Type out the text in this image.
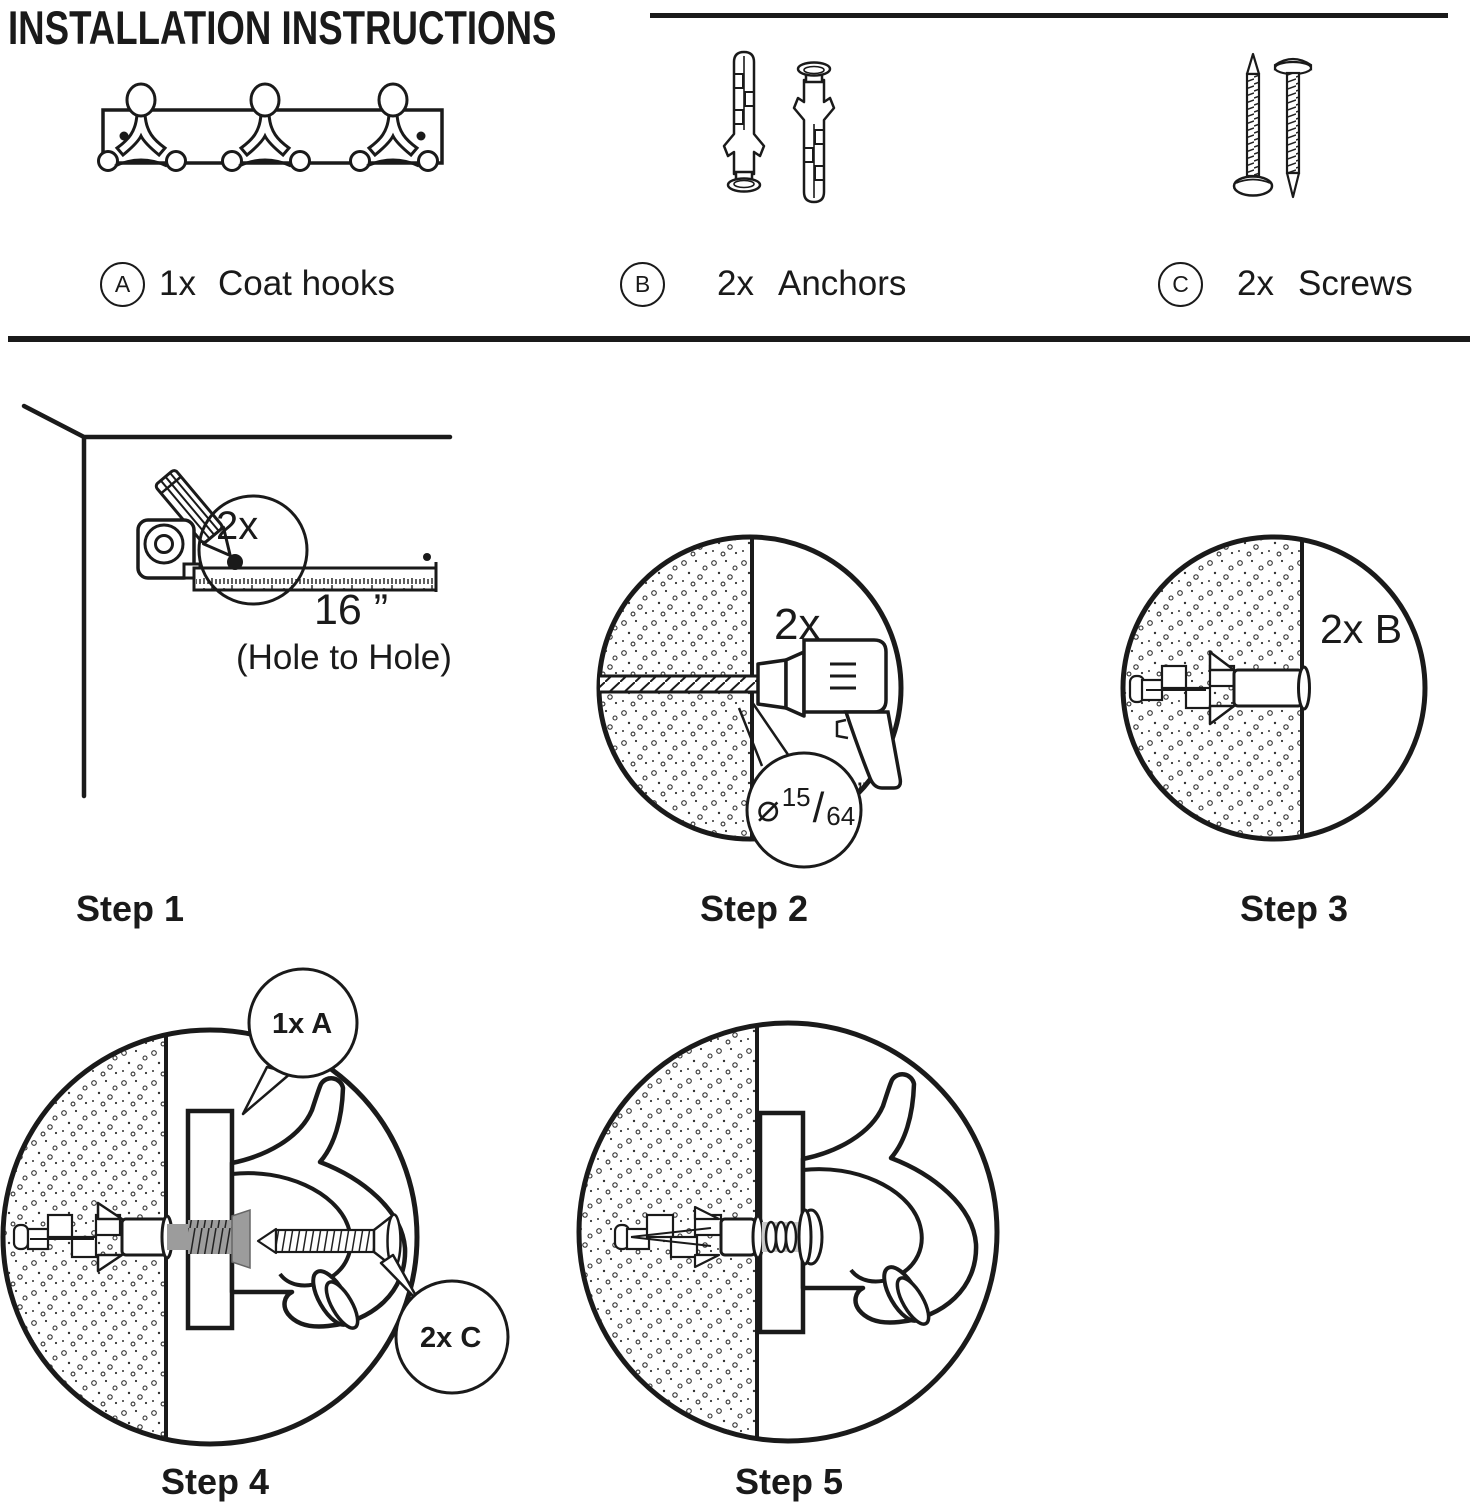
INSTALLATION INSTRUCTIONS
A 1x Coat hooks	B	2x Anchors	C	2x Screws
2x
16 ”
(Hole to Hole)
Step 1
2x
⌀ 15 / 64
”
Step 2
2x B
Step 3
1x A
2x C
Step 4	Step 5
